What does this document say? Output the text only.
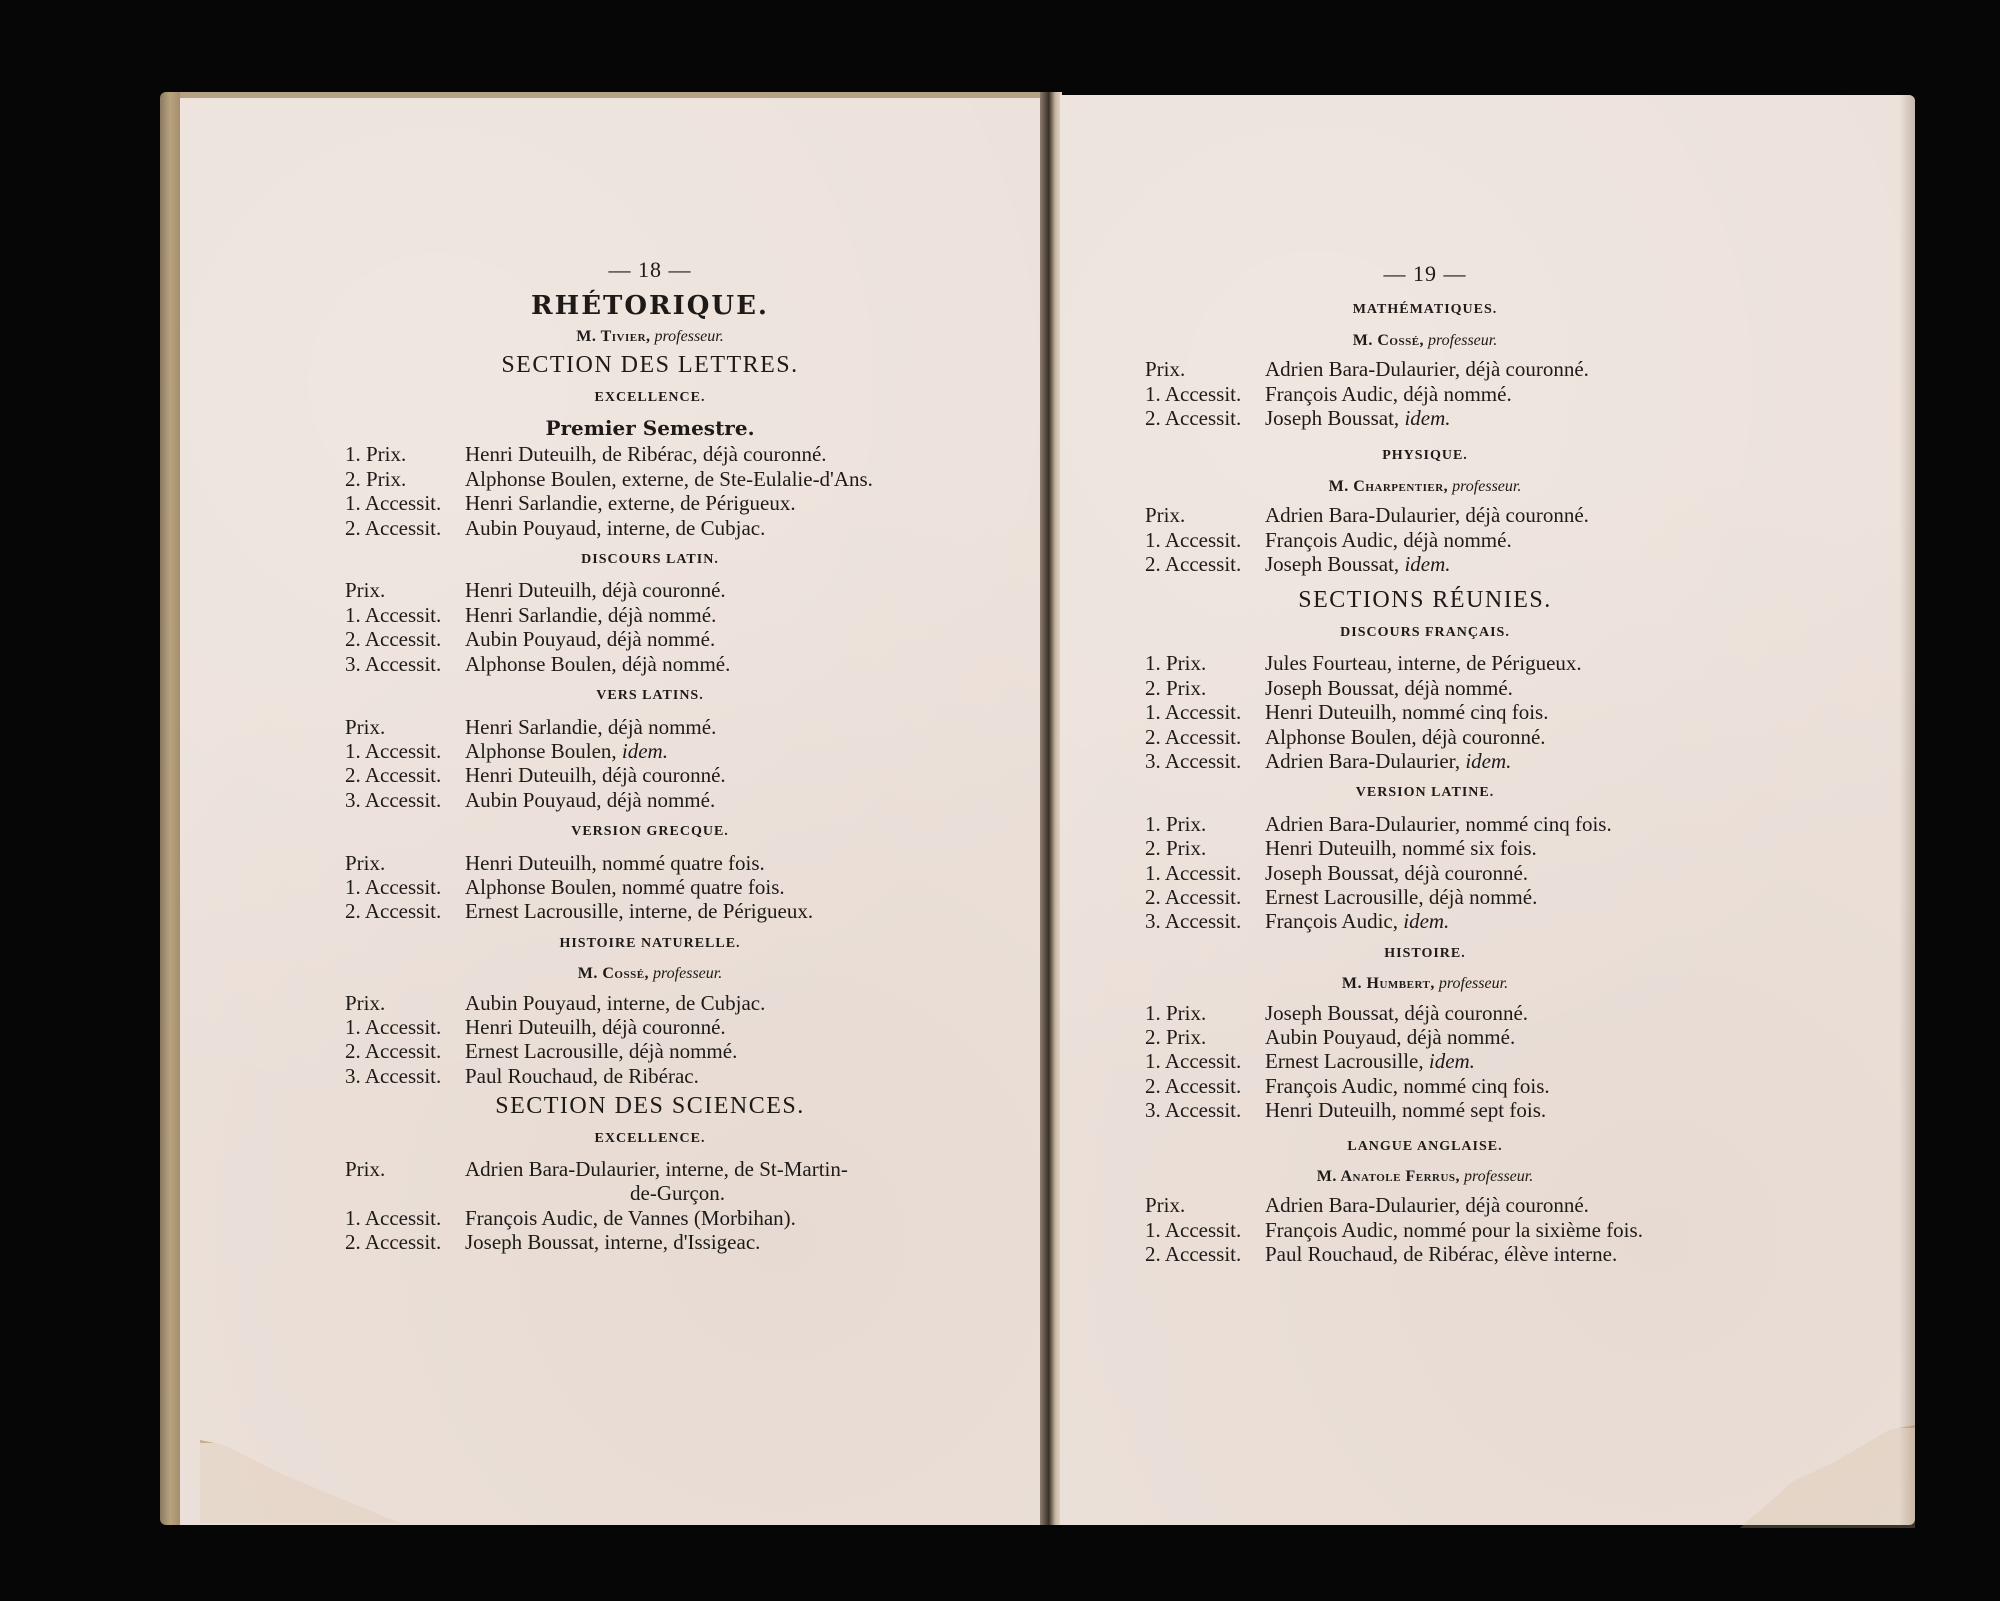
— 18 —
RHÉTORIQUE.
M. Tivier, professeur.
SECTION DES LETTRES.
EXCELLENCE.
Premier Semestre.
1. Prix.	Henri Duteuilh, de Ribérac, déjà couronné.
2. Prix.	Alphonse Boulen, externe, de Ste-Eulalie-d'Ans.
1. Accessit.	Henri Sarlandie, externe, de Périgueux.
2. Accessit.	Aubin Pouyaud, interne, de Cubjac.
DISCOURS LATIN.
Prix.	Henri Duteuilh, déjà couronné.
1. Accessit.	Henri Sarlandie, déjà nommé.
2. Accessit.	Aubin Pouyaud, déjà nommé.
3. Accessit.	Alphonse Boulen, déjà nommé.
VERS LATINS.
Prix.	Henri Sarlandie, déjà nommé.
1. Accessit.	Alphonse Boulen, idem.
2. Accessit.	Henri Duteuilh, déjà couronné.
3. Accessit.	Aubin Pouyaud, déjà nommé.
VERSION GRECQUE.
Prix.	Henri Duteuilh, nommé quatre fois.
1. Accessit.	Alphonse Boulen, nommé quatre fois.
2. Accessit.	Ernest Lacrousille, interne, de Périgueux.
HISTOIRE NATURELLE.
M. Cossé, professeur.
Prix.	Aubin Pouyaud, interne, de Cubjac.
1. Accessit.	Henri Duteuilh, déjà couronné.
2. Accessit.	Ernest Lacrousille, déjà nommé.
3. Accessit.	Paul Rouchaud, de Ribérac.
SECTION DES SCIENCES.
EXCELLENCE.
Prix.	Adrien Bara-Dulaurier, interne, de St-Martin-
de-Gurçon.
1. Accessit.	François Audic, de Vannes (Morbihan).
2. Accessit.	Joseph Boussat, interne, d'Issigeac.
— 19 —
MATHÉMATIQUES.
M. Cossé, professeur.
Prix.	Adrien Bara-Dulaurier, déjà couronné.
1. Accessit.	François Audic, déjà nommé.
2. Accessit.	Joseph Boussat, idem.
PHYSIQUE.
M. Charpentier, professeur.
Prix.	Adrien Bara-Dulaurier, déjà couronné.
1. Accessit.	François Audic, déjà nommé.
2. Accessit.	Joseph Boussat, idem.
SECTIONS RÉUNIES.
DISCOURS FRANÇAIS.
1. Prix.	Jules Fourteau, interne, de Périgueux.
2. Prix.	Joseph Boussat, déjà nommé.
1. Accessit.	Henri Duteuilh, nommé cinq fois.
2. Accessit.	Alphonse Boulen, déjà couronné.
3. Accessit.	Adrien Bara-Dulaurier, idem.
VERSION LATINE.
1. Prix.	Adrien Bara-Dulaurier, nommé cinq fois.
2. Prix.	Henri Duteuilh, nommé six fois.
1. Accessit.	Joseph Boussat, déjà couronné.
2. Accessit.	Ernest Lacrousille, déjà nommé.
3. Accessit.	François Audic, idem.
HISTOIRE.
M. Humbert, professeur.
1. Prix.	Joseph Boussat, déjà couronné.
2. Prix.	Aubin Pouyaud, déjà nommé.
1. Accessit.	Ernest Lacrousille, idem.
2. Accessit.	François Audic, nommé cinq fois.
3. Accessit.	Henri Duteuilh, nommé sept fois.
LANGUE ANGLAISE.
M. Anatole Ferrus, professeur.
Prix.	Adrien Bara-Dulaurier, déjà couronné.
1. Accessit.	François Audic, nommé pour la sixième fois.
2. Accessit.	Paul Rouchaud, de Ribérac, élève interne.
